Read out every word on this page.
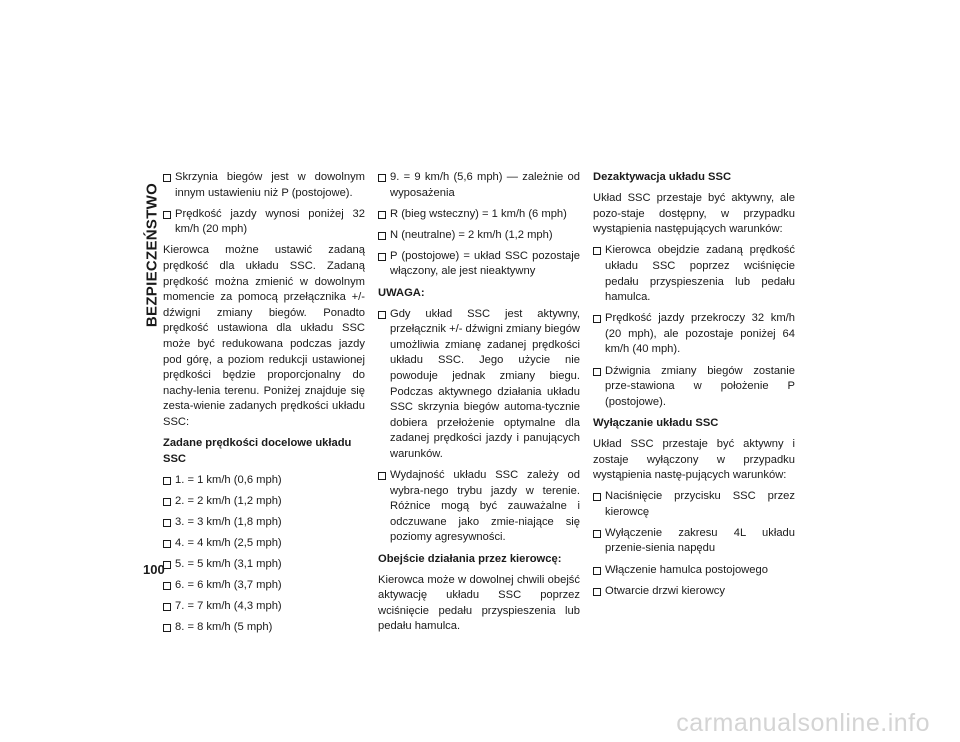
BEZPIECZEŃSTWO
Skrzynia biegów jest w dowolnym innym ustawieniu niż P (postojowe).
Prędkość jazdy wynosi poniżej 32 km/h (20 mph)

Kierowca możne ustawić zadaną prędkość dla układu SSC. Zadaną prędkość można zmienić w dowolnym momencie za pomocą przełącznika +/- dźwigni zmiany biegów. Ponadto prędkość ustawiona dla układu SSC może być redukowana podczas jazdy pod górę, a poziom redukcji ustawionej prędkości będzie proporcjonalny do nachy-lenia terenu. Poniżej znajduje się zesta-wienie zadanych prędkości układu SSC:

Zadane prędkości docelowe układu SSC
1. = 1 km/h (0,6 mph)
2. = 2 km/h (1,2 mph)
3. = 3 km/h (1,8 mph)
4. = 4 km/h (2,5 mph)
5. = 5 km/h (3,1 mph)
6. = 6 km/h (3,7 mph)
7. = 7 km/h (4,3 mph)
8. = 8 km/h (5 mph)
9. = 9 km/h (5,6 mph) — zależnie od wyposażenia
R (bieg wsteczny) = 1 km/h (6 mph)
N (neutralne) = 2 km/h (1,2 mph)
P (postojowe) = układ SSC pozostaje włączony, ale jest nieaktywny
UWAGA:
Gdy układ SSC jest aktywny, przełącznik +/- dźwigni zmiany biegów umożliwia zmianę zadanej prędkości układu SSC. Jego użycie nie powoduje jednak zmiany biegu. Podczas aktywnego działania układu SSC skrzynia biegów automa-tycznie dobiera przełożenie optymalne dla zadanej prędkości jazdy i panujących warunków.
Wydajność układu SSC zależy od wybra-nego trybu jazdy w terenie. Różnice mogą być zauważalne i odczuwane jako zmie-niające się poziomy agresywności.
Obejście działania przez kierowcę:

Kierowca może w dowolnej chwili obejść aktywację układu SSC poprzez wciśnięcie pedału przyspieszenia lub pedału hamulca.

Dezaktywacja układu SSC

Układ SSC przestaje być aktywny, ale pozo-staje dostępny, w przypadku wystąpienia następujących warunków:

Kierowca obejdzie zadaną prędkość układu SSC poprzez wciśnięcie pedału przyspieszenia lub pedału hamulca.
Prędkość jazdy przekroczy 32 km/h (20 mph), ale pozostaje poniżej 64 km/h (40 mph).
Dźwignia zmiany biegów zostanie prze-stawiona w położenie P (postojowe).
Wyłączanie układu SSC

Układ SSC przestaje być aktywny i zostaje wyłączony w przypadku wystąpienia nastę-pujących warunków:

Naciśnięcie przycisku SSC przez kierowcę
Wyłączenie zakresu 4L układu przenie-sienia napędu
Włączenie hamulca postojowego
Otwarcie drzwi kierowcy
100
carmanualsonline.info
